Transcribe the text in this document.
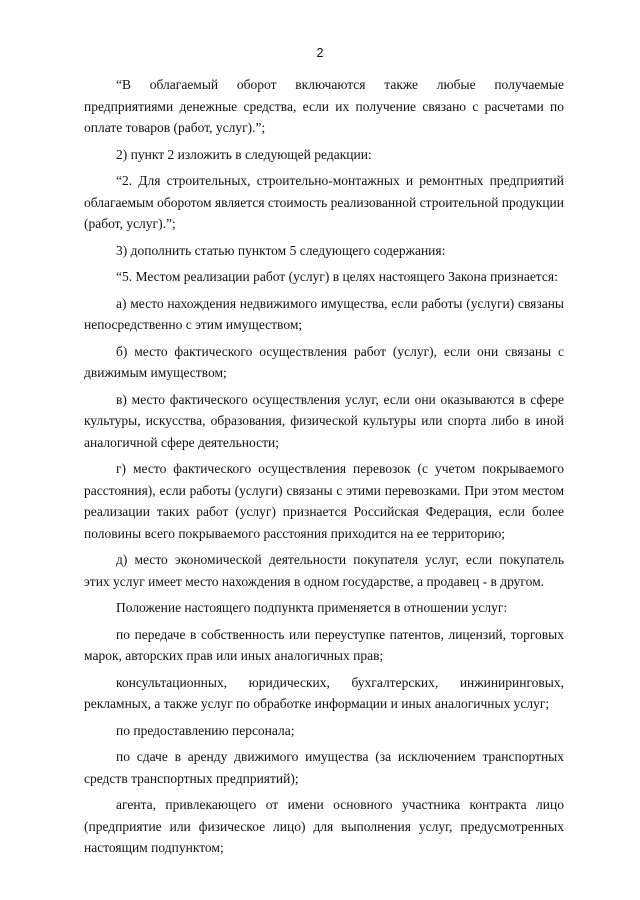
2

“В облагаемый оборот включаются также любые получаемые предприятиями денежные средства, если их получение связано с расчетами по оплате товаров (работ, услуг).”;

2) пункт 2 изложить в следующей редакции:

“2. Для строительных, строительно-монтажных и ремонтных предприятий облагаемым оборотом является стоимость реализованной строительной продукции (работ, услуг).”;

3) дополнить статью пунктом 5 следующего содержания:

“5. Местом реализации работ (услуг) в целях настоящего Закона признается:

а) место нахождения недвижимого имущества, если работы (услуги) связаны непосредственно с этим имуществом;

б) место фактического осуществления работ (услуг), если они связаны с движимым имуществом;

в) место фактического осуществления услуг, если они оказываются в сфере культуры, искусства, образования, физической культуры или спорта либо в иной аналогичной сфере деятельности;

г) место фактического осуществления перевозок (с учетом покрываемого расстояния), если работы (услуги) связаны с этими перевозками. При этом местом реализации таких работ (услуг) признается Российская Федерация, если более половины всего покрываемого расстояния приходится на ее территорию;

д) место экономической деятельности покупателя услуг, если покупатель этих услуг имеет место нахождения в одном государстве, а продавец - в другом.

Положение настоящего подпункта применяется в отношении услуг:

по передаче в собственность или переуступке патентов, лицензий, торговых марок, авторских прав или иных аналогичных прав;

консультационных, юридических, бухгалтерских, инжиниринговых, рекламных, а также услуг по обработке информации и иных аналогичных услуг;

по предоставлению персонала;

по сдаче в аренду движимого имущества (за исключением транспортных средств транспортных предприятий);

агента, привлекающего от имени основного участника контракта лицо (предприятие или физическое лицо) для выполнения услуг, предусмотренных настоящим подпунктом;
